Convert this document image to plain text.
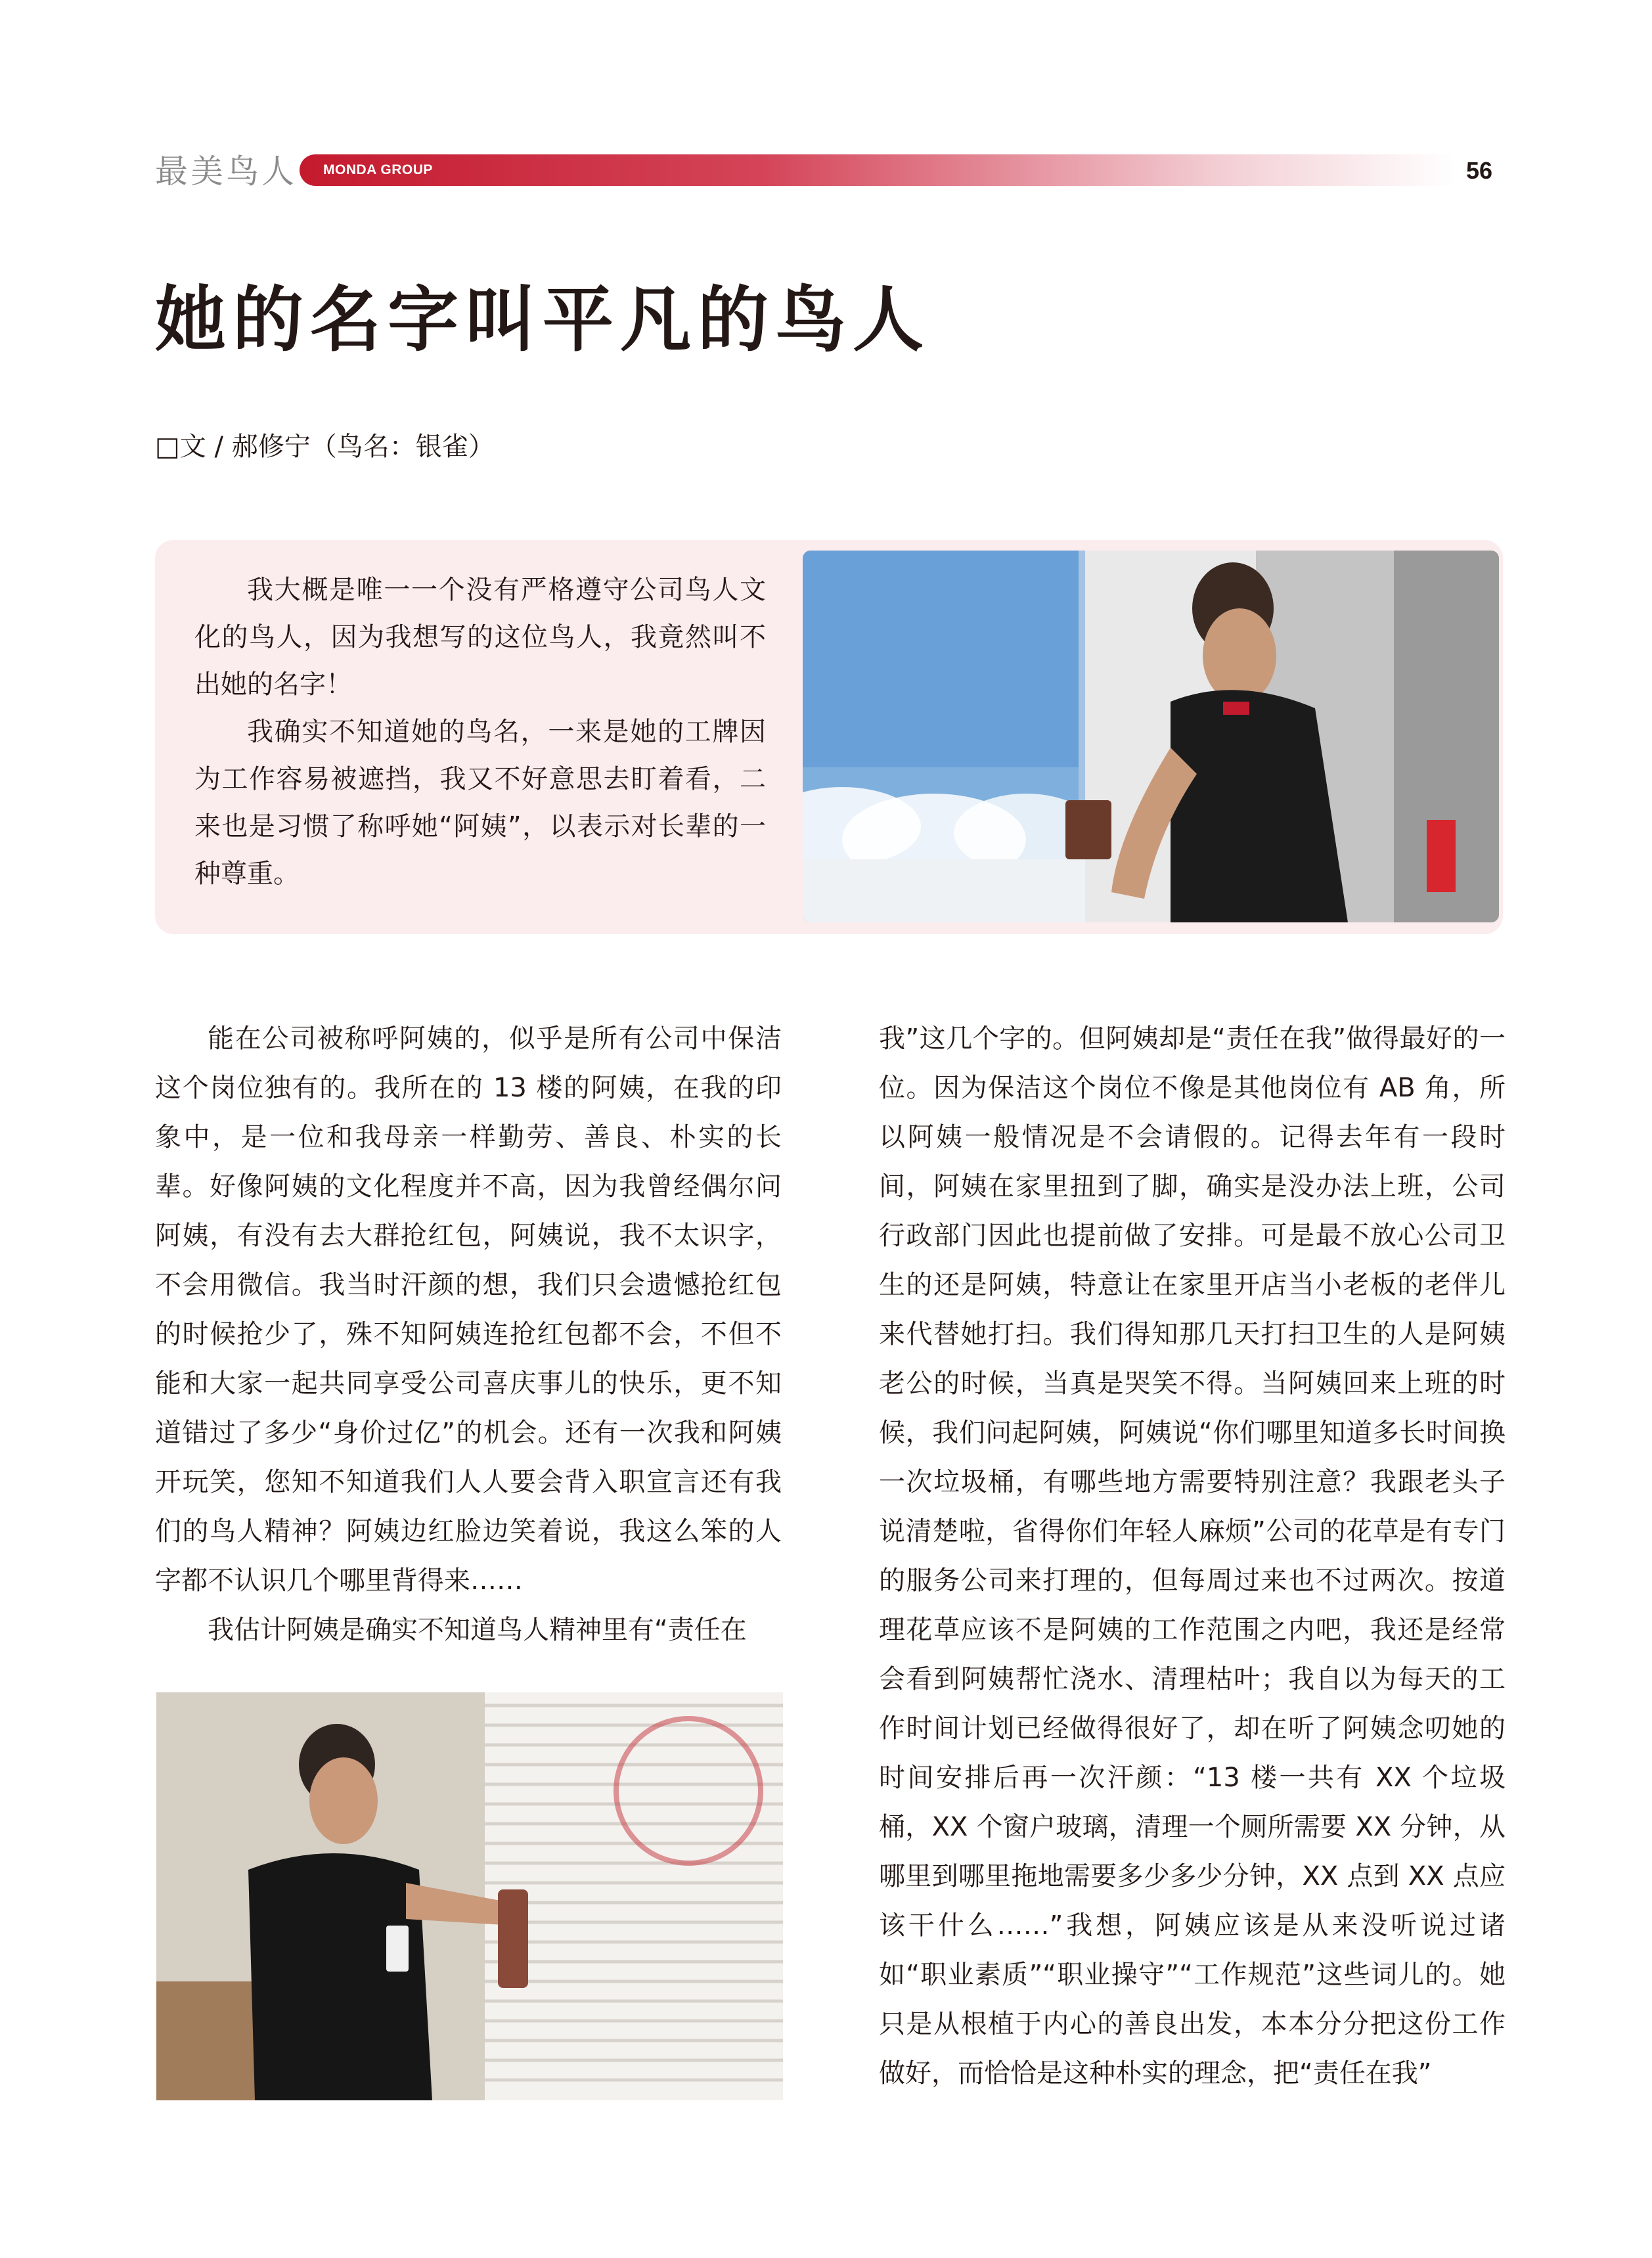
最美鸟人 MONDA GROUP	56
她的名字叫平凡的鸟人
□文 / 郝修宁（鸟名：银雀）

我大概是唯一一个没有严格遵守公司鸟人文化的鸟人，因为我想写的这位鸟人，我竟然叫不出她的名字！

我确实不知道她的鸟名，一来是她的工牌因为工作容易被遮挡，我又不好意思去盯着看，二来也是习惯了称呼她“阿姨”，以表示对长辈的一种尊重。

能在公司被称呼阿姨的，似乎是所有公司中保洁这个岗位独有的。我所在的 13 楼的阿姨，在我的印象中，是一位和我母亲一样勤劳、善良、朴实的长辈。好像阿姨的文化程度并不高，因为我曾经偶尔问阿姨，有没有去大群抢红包，阿姨说，我不太识字，不会用微信。我当时汗颜的想，我们只会遗憾抢红包的时候抢少了，殊不知阿姨连抢红包都不会，不但不能和大家一起共同享受公司喜庆事儿的快乐，更不知道错过了多少“身价过亿”的机会。还有一次我和阿姨开玩笑，您知不知道我们人人要会背入职宣言还有我们的鸟人精神？阿姨边红脸边笑着说，我这么笨的人字都不认识几个哪里背得来……

我估计阿姨是确实不知道鸟人精神里有“责任在

我”这几个字的。但阿姨却是“责任在我”做得最好的一位。因为保洁这个岗位不像是其他岗位有 AB 角，所以阿姨一般情况是不会请假的。记得去年有一段时间，阿姨在家里扭到了脚，确实是没办法上班，公司行政部门因此也提前做了安排。可是最不放心公司卫生的还是阿姨，特意让在家里开店当小老板的老伴儿来代替她打扫。我们得知那几天打扫卫生的人是阿姨老公的时候，当真是哭笑不得。当阿姨回来上班的时候，我们问起阿姨，阿姨说“你们哪里知道多长时间换一次垃圾桶，有哪些地方需要特别注意？我跟老头子说清楚啦，省得你们年轻人麻烦”公司的花草是有专门的服务公司来打理的，但每周过来也不过两次。按道理花草应该不是阿姨的工作范围之内吧，我还是经常会看到阿姨帮忙浇水、清理枯叶；我自以为每天的工作时间计划已经做得很好了，却在听了阿姨念叨她的时间安排后再一次汗颜：“13 楼一共有 XX 个垃圾桶，XX 个窗户玻璃，清理一个厕所需要 XX 分钟，从哪里到哪里拖地需要多少多少分钟，XX 点到 XX 点应该干什么……”我想，阿姨应该是从来没听说过诸如“职业素质”“职业操守”“工作规范”这些词儿的。她只是从根植于内心的善良出发，本本分分把这份工作做好，而恰恰是这种朴实的理念，把“责任在我”
